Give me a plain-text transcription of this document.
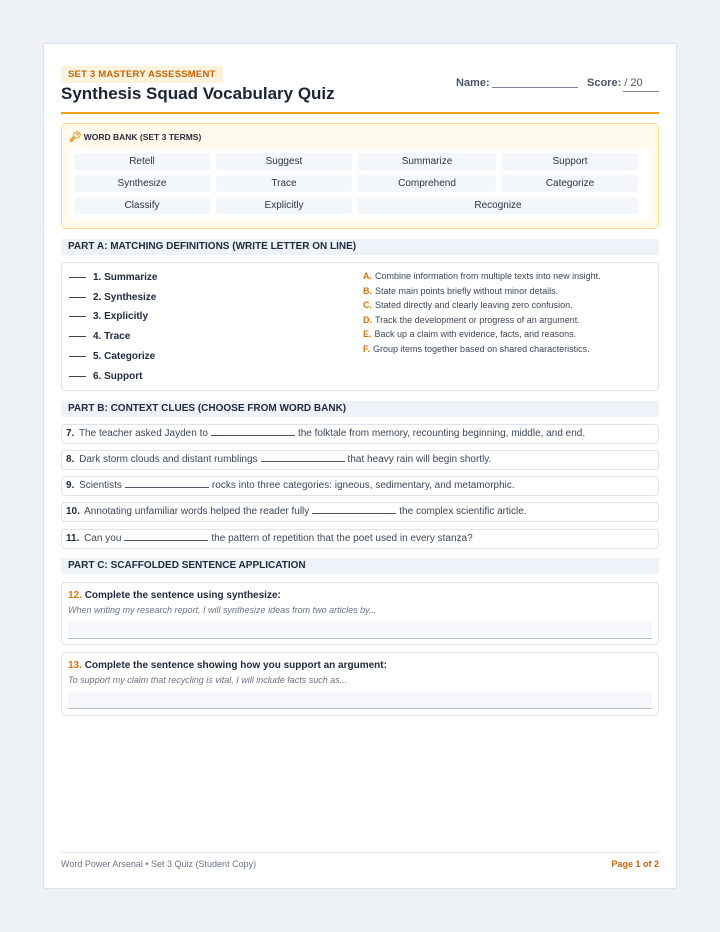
SET 3 MASTERY ASSESSMENT
Synthesis Squad Vocabulary Quiz
Name:	Score: / 20
🔑︎ WORD BANK (SET 3 TERMS)
Retell	Suggest	Summarize	Support
Synthesize	Trace	Comprehend	Categorize
Classify	Explicitly	Recognize
PART A: MATCHING DEFINITIONS (WRITE LETTER ON LINE)
1. Summarize
2. Synthesize
3. Explicitly
4. Trace
5. Categorize
6. Support
A. Combine information from multiple texts into new insight.
B. State main points briefly without minor details.
C. Stated directly and clearly leaving zero confusion.
D. Track the development or progress of an argument.
E. Back up a claim with evidence, facts, and reasons.
F. Group items together based on shared characteristics.
PART B: CONTEXT CLUES (CHOOSE FROM WORD BANK)
7. The teacher asked Jayden to	the folktale from memory, recounting beginning, middle, and end.
8. Dark storm clouds and distant rumblings	that heavy rain will begin shortly.
9. Scientists	rocks into three categories: igneous, sedimentary, and metamorphic.
10. Annotating unfamiliar words helped the reader fully	the complex scientific article.
11. Can you	the pattern of repetition that the poet used in every stanza?
PART C: SCAFFOLDED SENTENCE APPLICATION
12. Complete the sentence using synthesize:
When writing my research report, I will synthesize ideas from two articles by...
13. Complete the sentence showing how you support an argument:
To support my claim that recycling is vital, I will include facts such as...
Word Power Arsenal • Set 3 Quiz (Student Copy)	Page 1 of 2
